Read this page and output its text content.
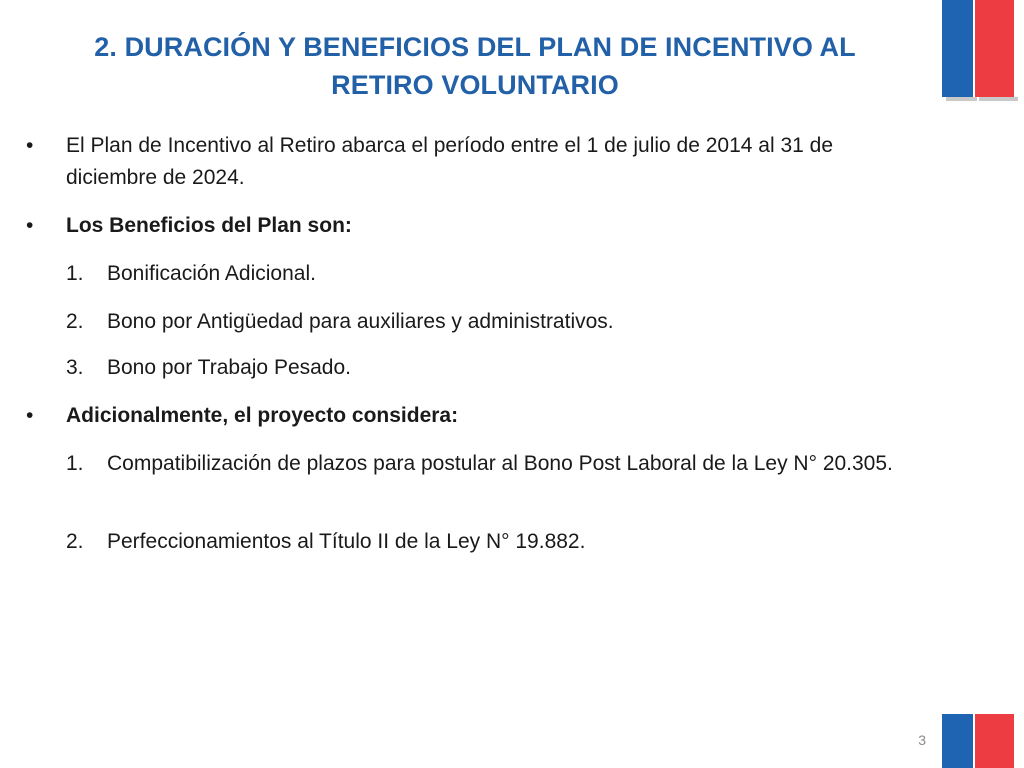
2. DURACIÓN Y BENEFICIOS DEL PLAN DE INCENTIVO AL
RETIRO VOLUNTARIO
•	El Plan de Incentivo al Retiro abarca el período entre el 1 de julio de 2014 al 31 de diciembre de 2024.
•	Los Beneficios del Plan son:
1.	Bonificación Adicional.
2.	Bono por Antigüedad para auxiliares y administrativos.
3.	Bono por Trabajo Pesado.
•	Adicionalmente, el proyecto considera:
1.	Compatibilización de plazos para postular al Bono Post Laboral de la Ley N° 20.305.
2.	Perfeccionamientos al Título II de la Ley N° 19.882.
3
